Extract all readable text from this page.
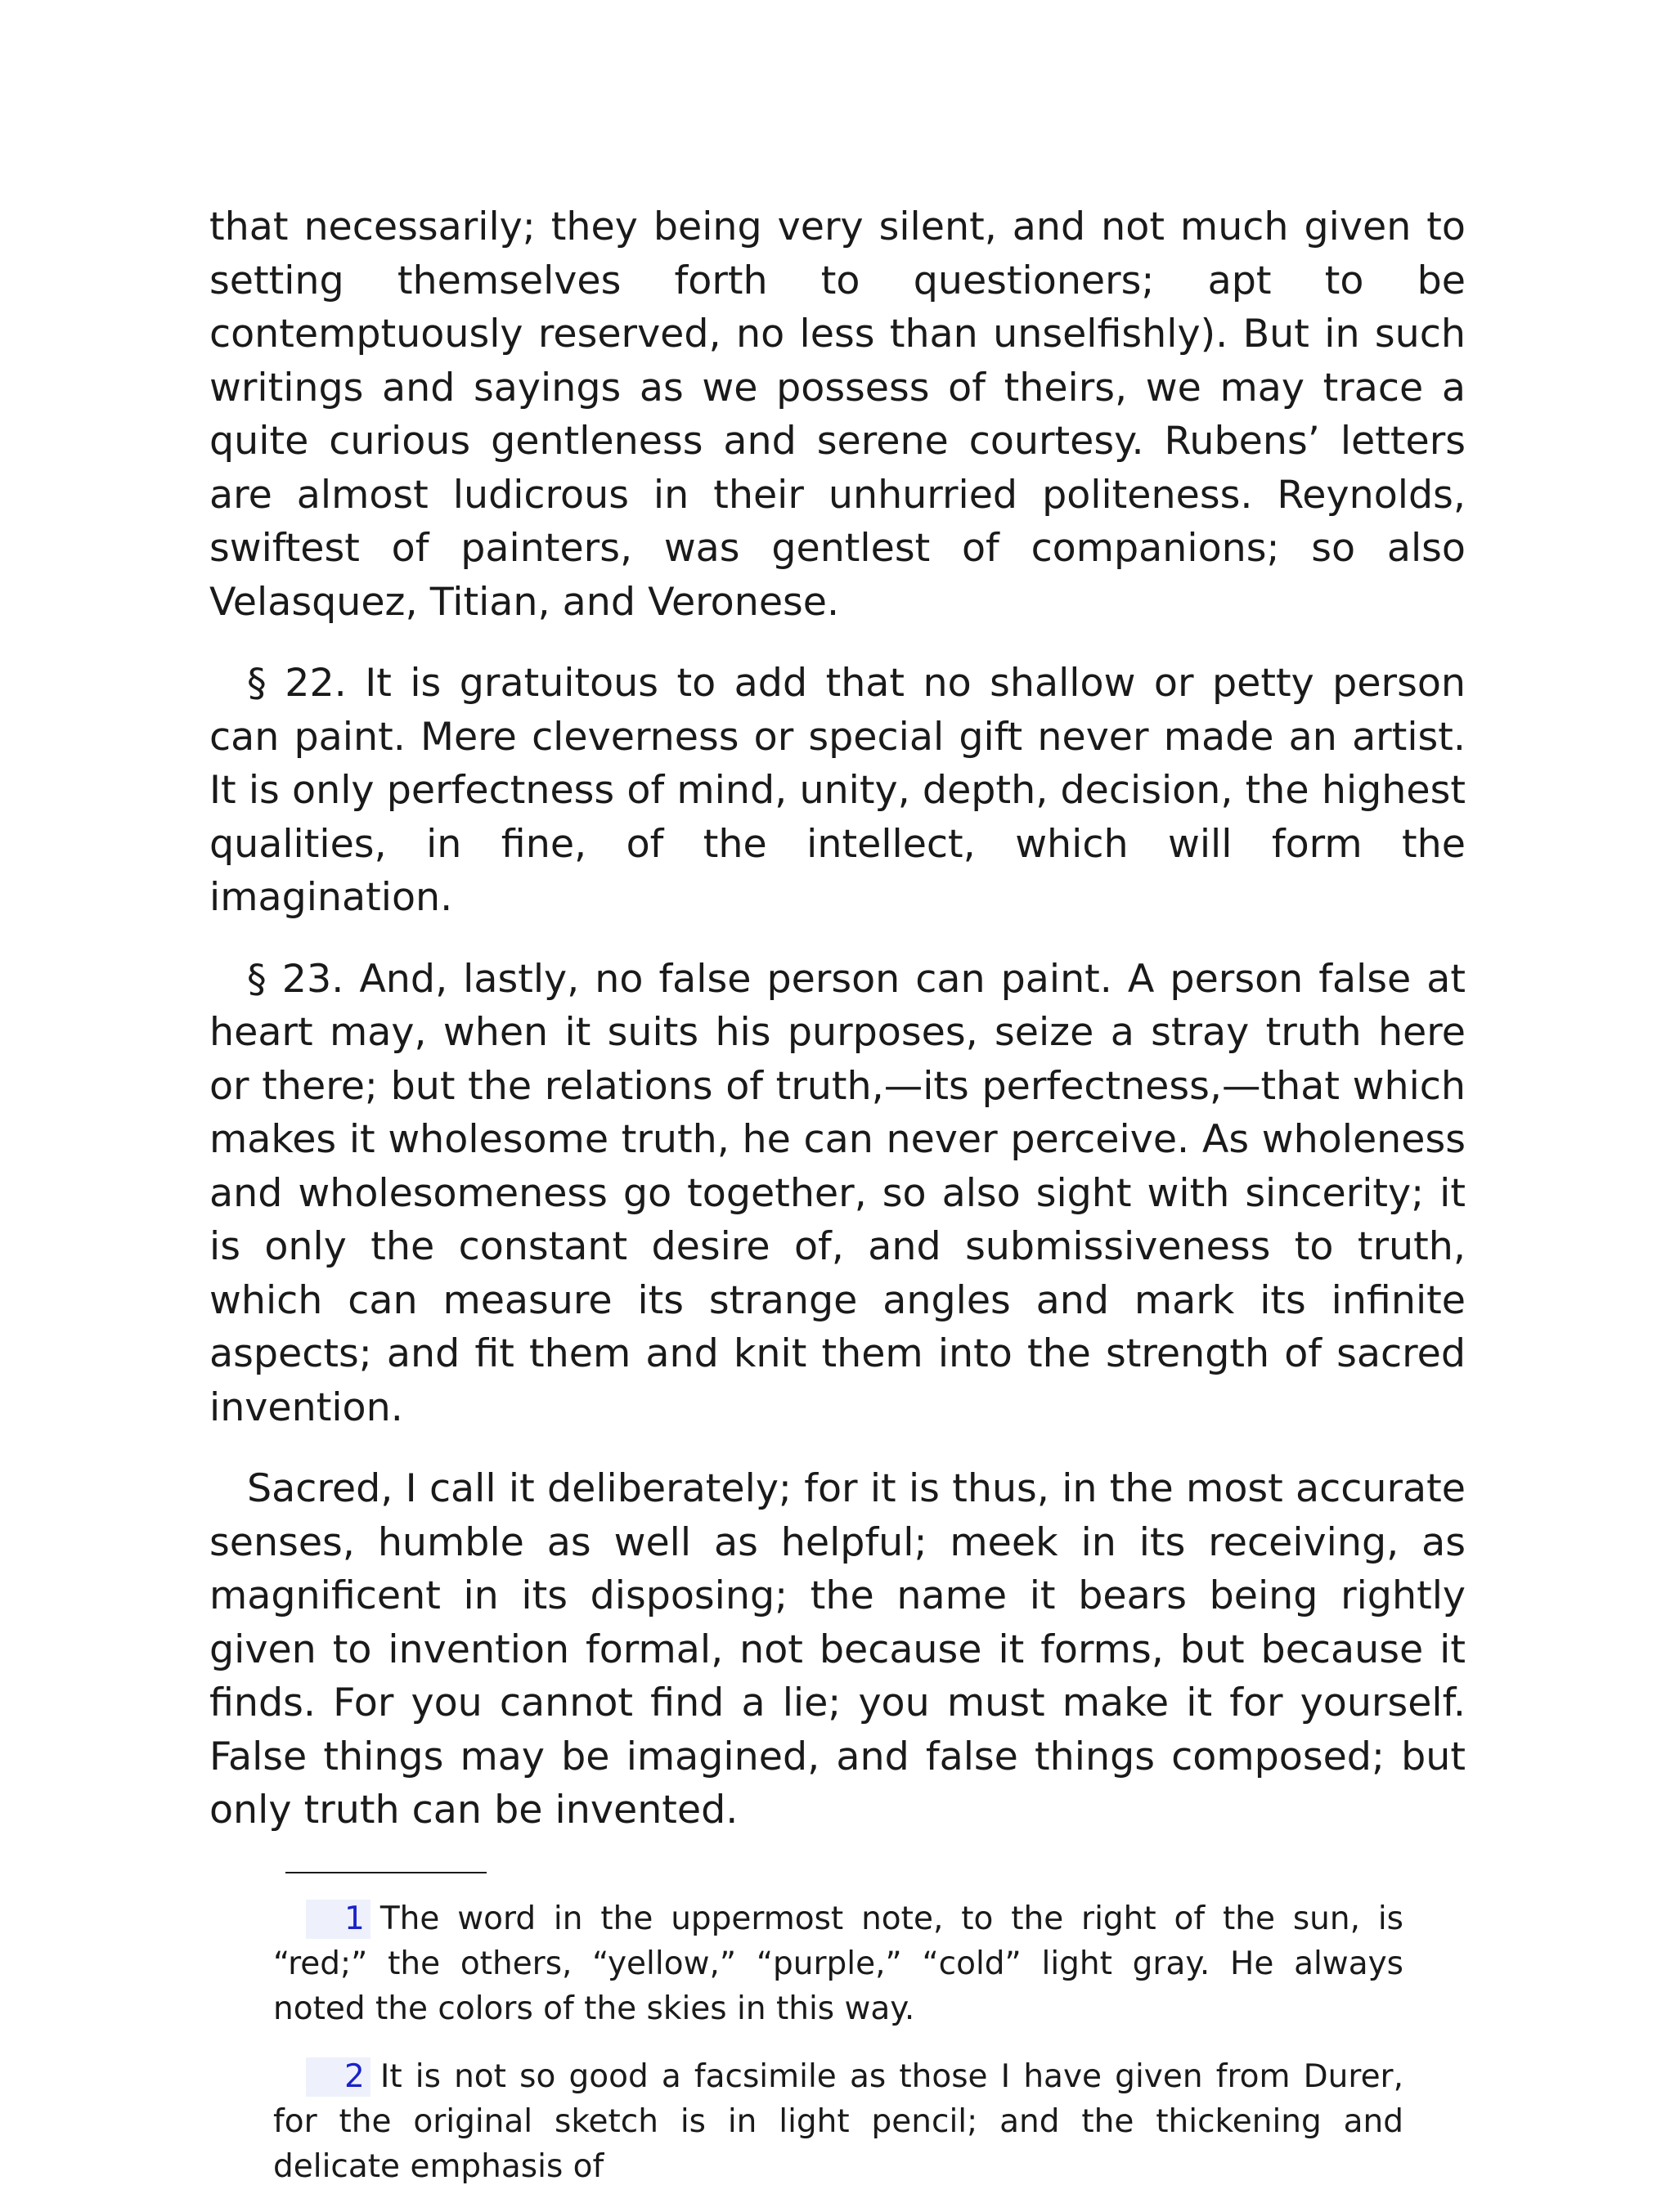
that necessarily; they being very silent, and not much given to setting themselves forth to questioners; apt to be contemptuously reserved, no less than unselfishly). But in such writings and sayings as we possess of theirs, we may trace a quite curious gentleness and serene courtesy. Rubens’ letters are almost ludicrous in their unhurried politeness. Reynolds, swiftest of painters, was gentlest of companions; so also Velasquez, Titian, and Veronese.

§ 22. It is gratuitous to add that no shallow or petty person can paint. Mere cleverness or special gift never made an artist. It is only perfectness of mind, unity, depth, decision, the highest qualities, in fine, of the intellect, which will form the imagination.

§ 23. And, lastly, no false person can paint. A person false at heart may, when it suits his purposes, seize a stray truth here or there; but the relations of truth,—its perfectness,—that which makes it wholesome truth, he can never perceive. As wholeness and wholesomeness go together, so also sight with sincerity; it is only the constant desire of, and submissiveness to truth, which can measure its strange angles and mark its infinite aspects; and fit them and knit them into the strength of sacred invention.

Sacred, I call it deliberately; for it is thus, in the most accurate senses, humble as well as helpful; meek in its receiving, as magnificent in its disposing; the name it bears being rightly given to invention formal, not because it forms, but because it finds. For you cannot find a lie; you must make it for yourself. False things may be imagined, and false things composed; but only truth can be invented.

1 The word in the uppermost note, to the right of the sun, is “red;” the others, “yellow,” “purple,” “cold” light gray. He always noted the colors of the skies in this way.

2 It is not so good a facsimile as those I have given from Durer, for the original sketch is in light pencil; and the thickening and delicate emphasis of
